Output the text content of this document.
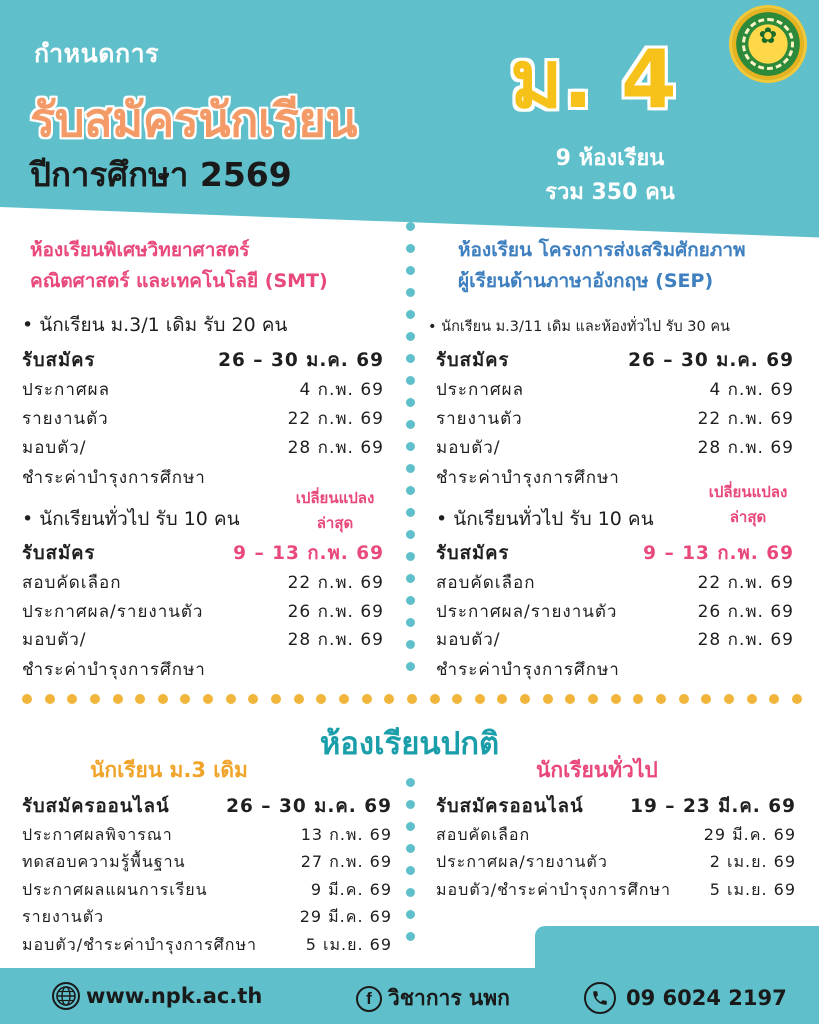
กำหนดการ
รับสมัครนักเรียน
ปีการศึกษา 2569
ม. 4
9 ห้องเรียน
รวม 350 คน
✿
ห้องเรียนพิเศษวิทยาศาสตร์
คณิตศาสตร์ และเทคโนโลยี (SMT)
• นักเรียน ม.3/1 เดิม รับ 20 คน
รับสมัคร	26 – 30 ม.ค. 69
ประกาศผล	4 ก.พ. 69
รายงานตัว	22 ก.พ. 69
มอบตัว/	28 ก.พ. 69
ชำระค่าบำรุงการศึกษา
• นักเรียนทั่วไป รับ 10 คน
เปลี่ยนแปลง
ล่าสุด
รับสมัคร	9 – 13 ก.พ. 69
สอบคัดเลือก	22 ก.พ. 69
ประกาศผล/รายงานตัว	26 ก.พ. 69
มอบตัว/	28 ก.พ. 69
ชำระค่าบำรุงการศึกษา
ห้องเรียน โครงการส่งเสริมศักยภาพ
ผู้เรียนด้านภาษาอังกฤษ (SEP)
• นักเรียน ม.3/11 เดิม และห้องทั่วไป รับ 30 คน
รับสมัคร	26 – 30 ม.ค. 69
ประกาศผล	4 ก.พ. 69
รายงานตัว	22 ก.พ. 69
มอบตัว/	28 ก.พ. 69
ชำระค่าบำรุงการศึกษา
เปลี่ยนแปลง
ล่าสุด
• นักเรียนทั่วไป รับ 10 คน
รับสมัคร	9 – 13 ก.พ. 69
สอบคัดเลือก	22 ก.พ. 69
ประกาศผล/รายงานตัว	26 ก.พ. 69
มอบตัว/	28 ก.พ. 69
ชำระค่าบำรุงการศึกษา
ห้องเรียนปกติ
นักเรียน ม.3 เดิม	นักเรียนทั่วไป
รับสมัครออนไลน์	26 – 30 ม.ค. 69
ประกาศผลพิจารณา	13 ก.พ. 69
ทดสอบความรู้พื้นฐาน	27 ก.พ. 69
ประกาศผลแผนการเรียน	9 มี.ค. 69
รายงานตัว	29 มี.ค. 69
มอบตัว/ชำระค่าบำรุงการศึกษา	5 เม.ย. 69
รับสมัครออนไลน์	19 – 23 มี.ค. 69
สอบคัดเลือก	29 มี.ค. 69
ประกาศผล/รายงานตัว	2 เม.ย. 69
มอบตัว/ชำระค่าบำรุงการศึกษา 5 เม.ย. 69
www.npk.ac.th	f วิชาการ นพก	09 6024 2197
